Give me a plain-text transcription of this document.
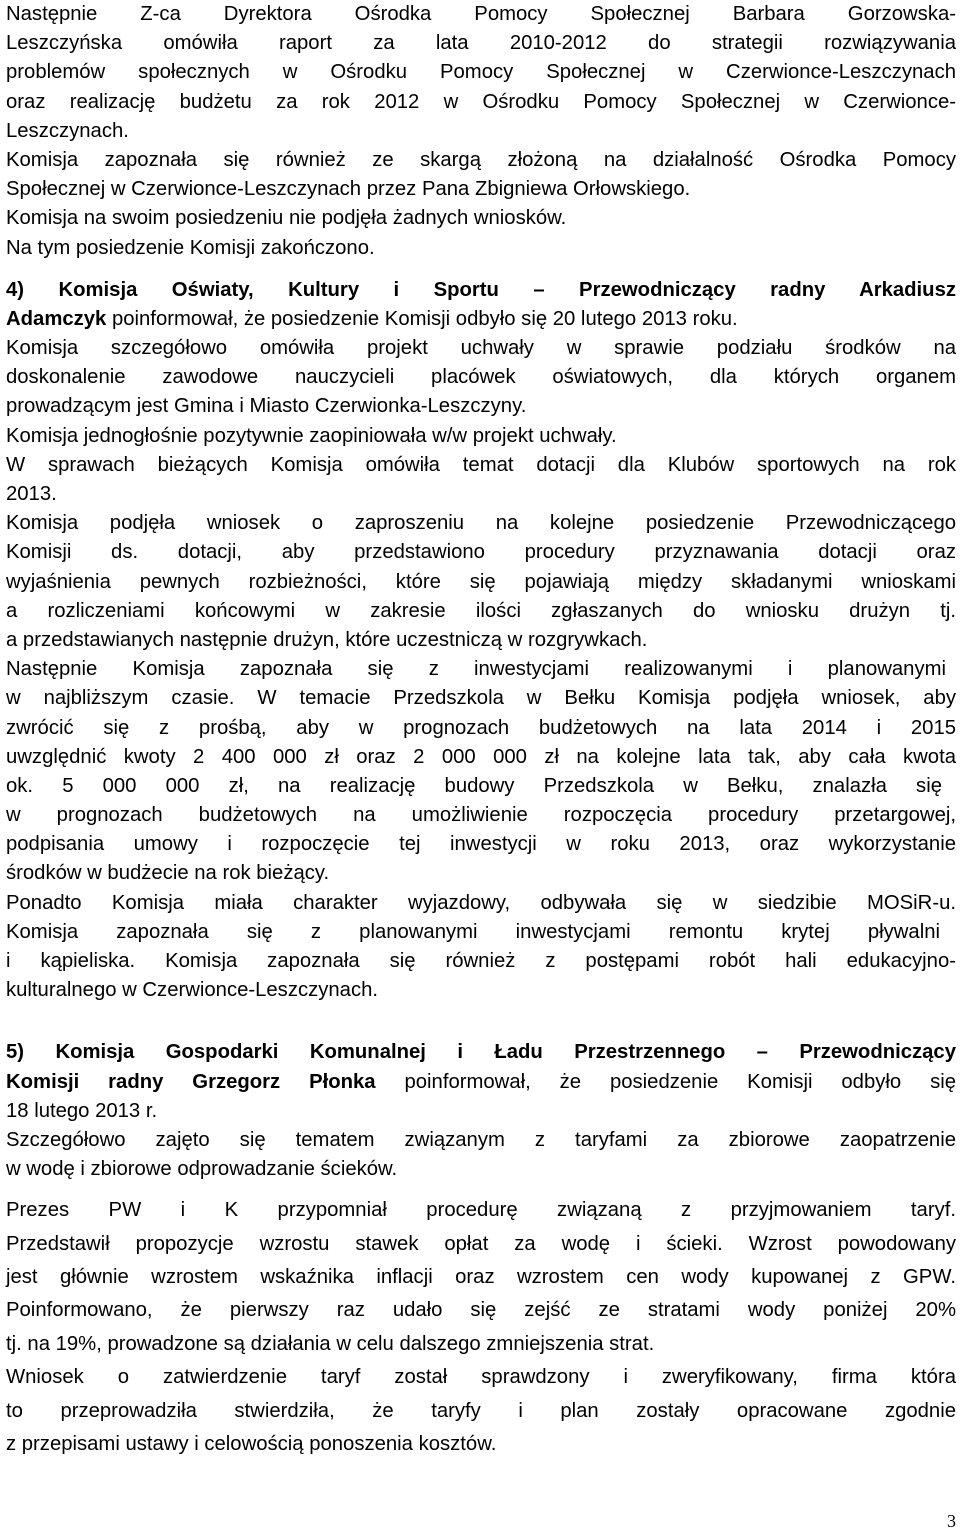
Następnie Z-ca Dyrektora Ośrodka Pomocy Społecznej Barbara Gorzowska-

Leszczyńska omówiła raport za lata 2010-2012 do strategii rozwiązywania

problemów społecznych w Ośrodku Pomocy Społecznej w Czerwionce-Leszczynach

oraz realizację budżetu za rok 2012 w Ośrodku Pomocy Społecznej w Czerwionce-

Leszczynach.

Komisja zapoznała się również ze skargą złożoną na działalność Ośrodka Pomocy

Społecznej w Czerwionce-Leszczynach przez Pana Zbigniewa Orłowskiego.

Komisja na swoim posiedzeniu nie podjęła żadnych wniosków.

Na tym posiedzenie Komisji zakończono.

4) Komisja Oświaty, Kultury i Sportu – Przewodniczący radny Arkadiusz

Adamczyk poinformował, że posiedzenie Komisji odbyło się 20 lutego 2013 roku.

Komisja szczegółowo omówiła projekt uchwały w sprawie podziału środków na

doskonalenie zawodowe nauczycieli placówek oświatowych, dla których organem

prowadzącym jest Gmina i Miasto Czerwionka-Leszczyny.

Komisja jednogłośnie pozytywnie zaopiniowała w/w projekt uchwały.

W sprawach bieżących Komisja omówiła temat dotacji dla Klubów sportowych na rok

2013.

Komisja podjęła wniosek o zaproszeniu na kolejne posiedzenie Przewodniczącego

Komisji ds. dotacji, aby przedstawiono procedury przyznawania dotacji oraz

wyjaśnienia pewnych rozbieżności, które się pojawiają między składanymi wnioskami

a rozliczeniami końcowymi w zakresie ilości zgłaszanych do wniosku drużyn tj.

a przedstawianych następnie drużyn, które uczestniczą w rozgrywkach.

Następnie Komisja zapoznała się z inwestycjami realizowanymi i planowanymi

w najbliższym czasie. W temacie Przedszkola w Bełku Komisja podjęła wniosek, aby

zwrócić się z prośbą, aby w prognozach budżetowych na lata 2014 i 2015

uwzględnić kwoty 2 400 000 zł oraz 2 000 000 zł na kolejne lata tak, aby cała kwota

ok. 5 000 000 zł, na realizację budowy Przedszkola w Bełku, znalazła się

w prognozach budżetowych na umożliwienie rozpoczęcia procedury przetargowej,

podpisania umowy i rozpoczęcie tej inwestycji w roku 2013, oraz wykorzystanie

środków w budżecie na rok bieżący.

Ponadto Komisja miała charakter wyjazdowy, odbywała się w siedzibie MOSiR-u.

Komisja zapoznała się z planowanymi inwestycjami remontu krytej pływalni

i kąpieliska. Komisja zapoznała się również z postępami robót hali edukacyjno-

kulturalnego w Czerwionce-Leszczynach.

5) Komisja Gospodarki Komunalnej i Ładu Przestrzennego – Przewodniczący

Komisji radny Grzegorz Płonka poinformował, że posiedzenie Komisji odbyło się

18 lutego 2013 r.

Szczegółowo zajęto się tematem związanym z taryfami za zbiorowe zaopatrzenie

w wodę i zbiorowe odprowadzanie ścieków.

Prezes PW i K przypomniał procedurę związaną z przyjmowaniem taryf.

Przedstawił propozycje wzrostu stawek opłat za wodę i ścieki. Wzrost powodowany

jest głównie wzrostem wskaźnika inflacji oraz wzrostem cen wody kupowanej z GPW.

Poinformowano, że pierwszy raz udało się zejść ze stratami wody poniżej 20%

tj. na 19%, prowadzone są działania w celu dalszego zmniejszenia strat.

Wniosek o zatwierdzenie taryf został sprawdzony i zweryfikowany, firma która

to przeprowadziła stwierdziła, że taryfy i plan zostały opracowane zgodnie

z przepisami ustawy i celowością ponoszenia kosztów.

3
